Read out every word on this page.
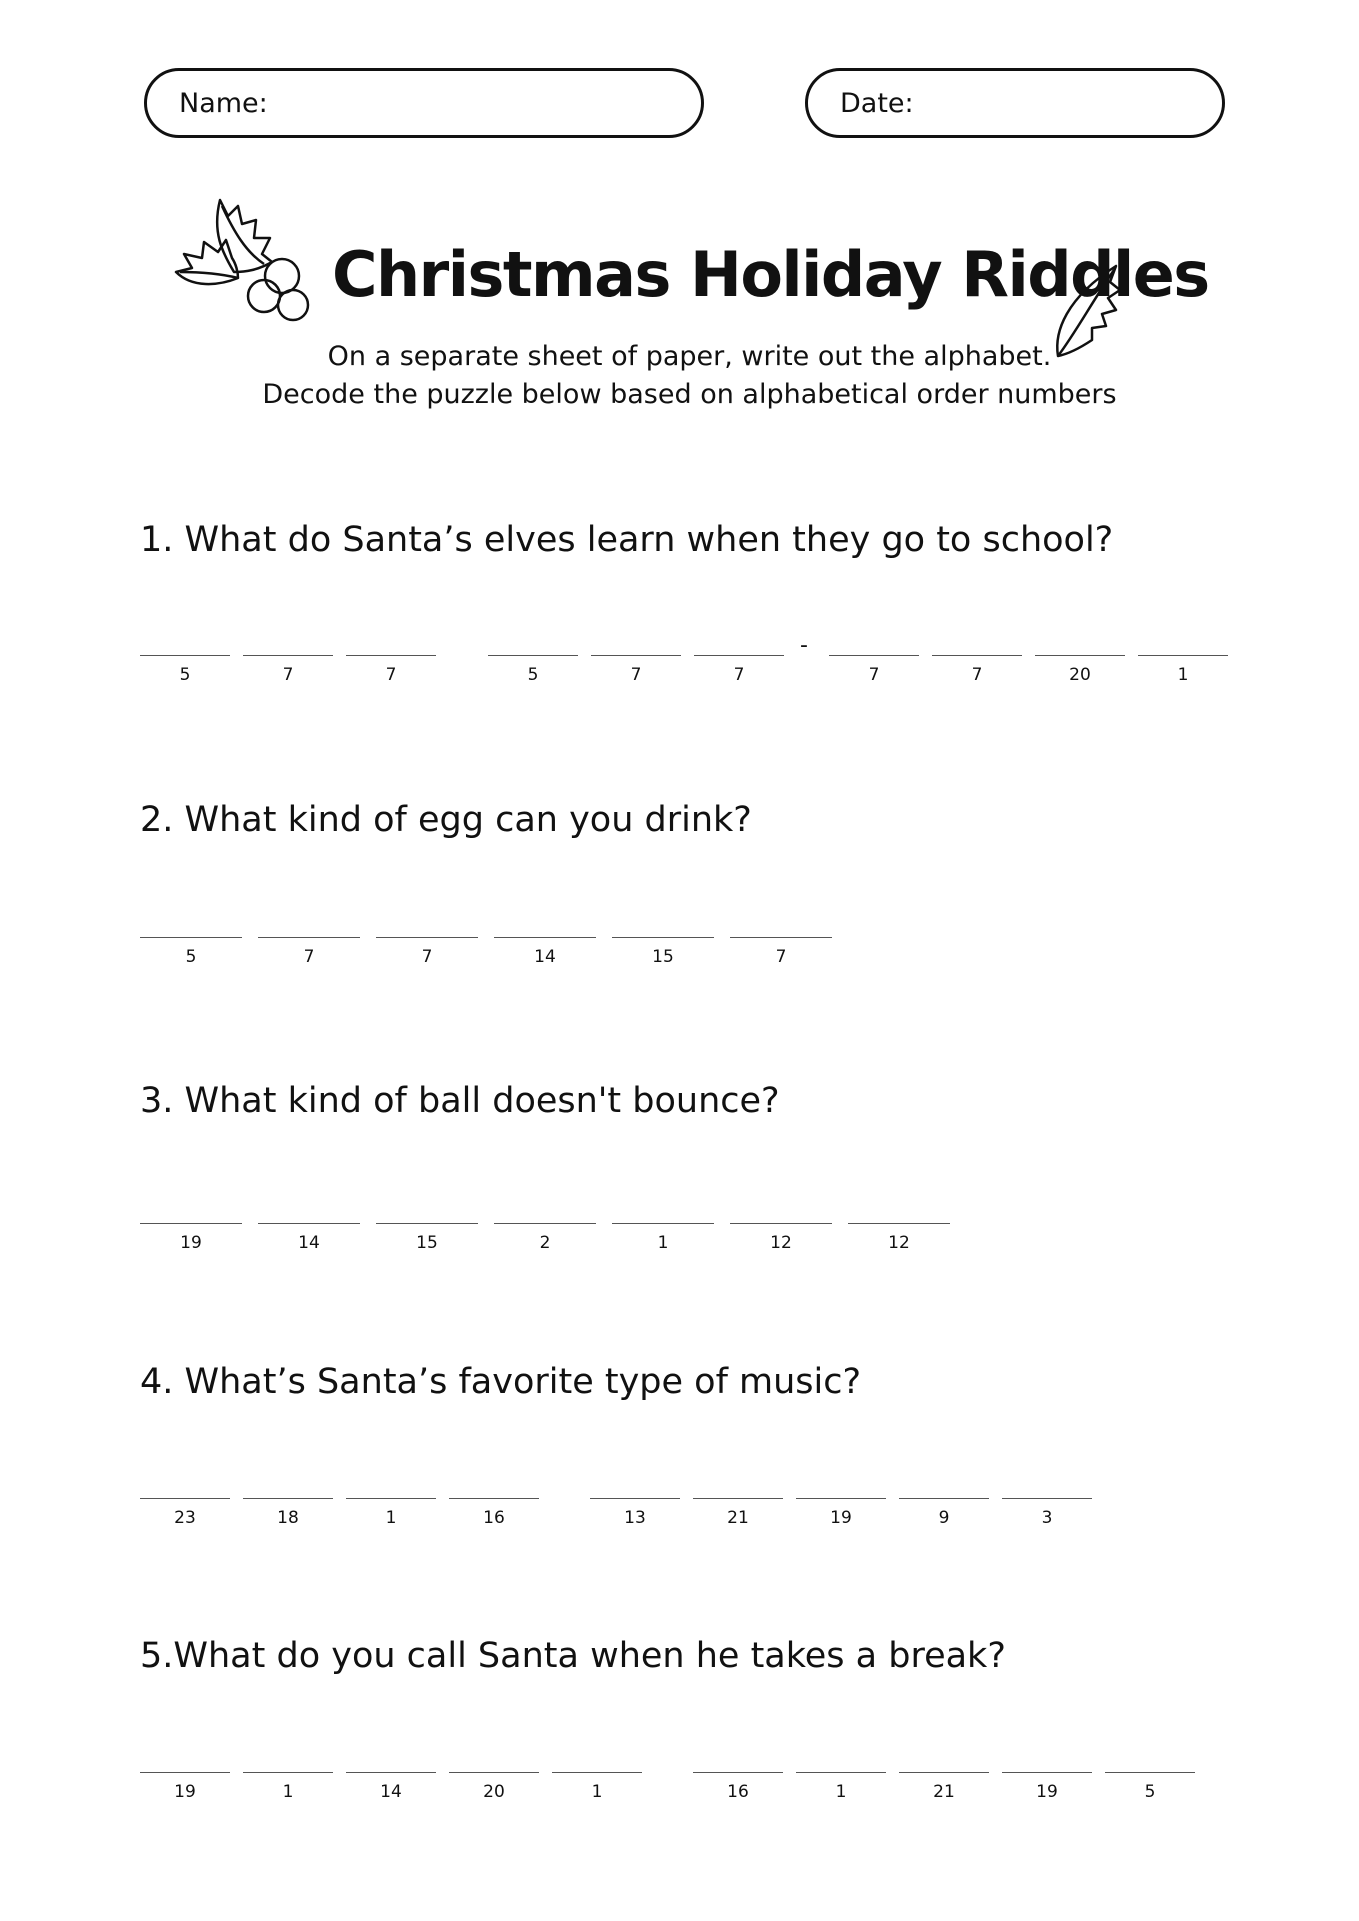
Name:	Date:
Christmas Holiday Riddles
On a separate sheet of paper, write out the alphabet.
Decode the puzzle below based on alphabetical order numbers
1. What do Santa’s elves learn when they go to school?
5	7	7	5	7	7
-
7	7	20	1
2. What kind of egg can you drink?
5	7	7	14	15	7
3. What kind of ball doesn't bounce?
19	14	15	2	1	12	12
4. What’s Santa’s favorite type of music?
23	18	1	16	13	21	19	9	3
5.What do you call Santa when he takes a break?
19	1	14	20	1	16	1	21	19	5
